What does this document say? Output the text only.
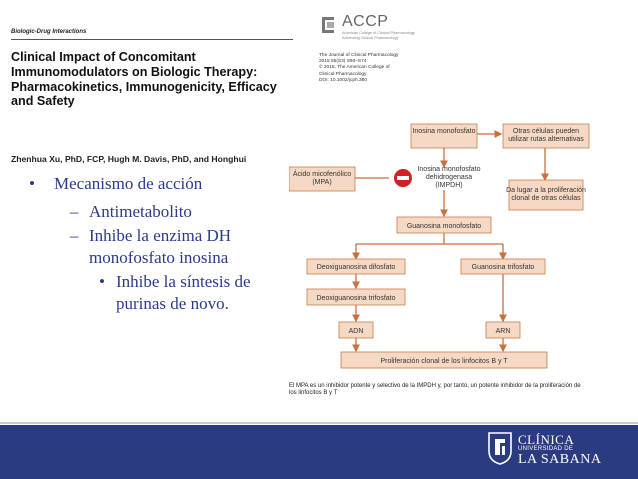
Biologic-Drug Interactions
Clinical Impact of Concomitant Immunomodulators on Biologic Therapy: Pharmacokinetics, Immunogenicity, Efficacy and Safety
Zhenhua Xu, PhD, FCP, Hugh M. Davis, PhD, and Honghui
ACCP
American College of Clinical Pharmacology
Advancing Clinical Pharmacology
The Journal of Clinical Pharmacology
2015 55(S3) S60–S74
© 2015, The American College of
Clinical Pharmacology
DOI: 10.1002/jcph.380
• Mecanismo de acción
– Antimetabolito
– Inhibe la enzima DH monofosfato inosina
• Inhibe la síntesis de purinas de novo.
Inosina monofosfato	Otras células pueden utilizar rutas alternativas
Ácido micofenólico (MPA)
Inosina monofosfato
dehidrogenasa
(IMPDH)
Da lugar a la proliferación clonal de otras células
Guanosina monofosfato
Deoxiguanosina difosfato	Guanosina trifosfato
Deoxiguanosina trifosfato
ADN	ARN
Proliferación clonal de los linfocitos B y T
El MPA es un inhibidor potente y selectivo de la IMPDH y, por tanto, un potente inhibidor de la proliferación de los linfocitos B y T
CLÍNICA
UNIVERSIDAD DE
LA SABANA
